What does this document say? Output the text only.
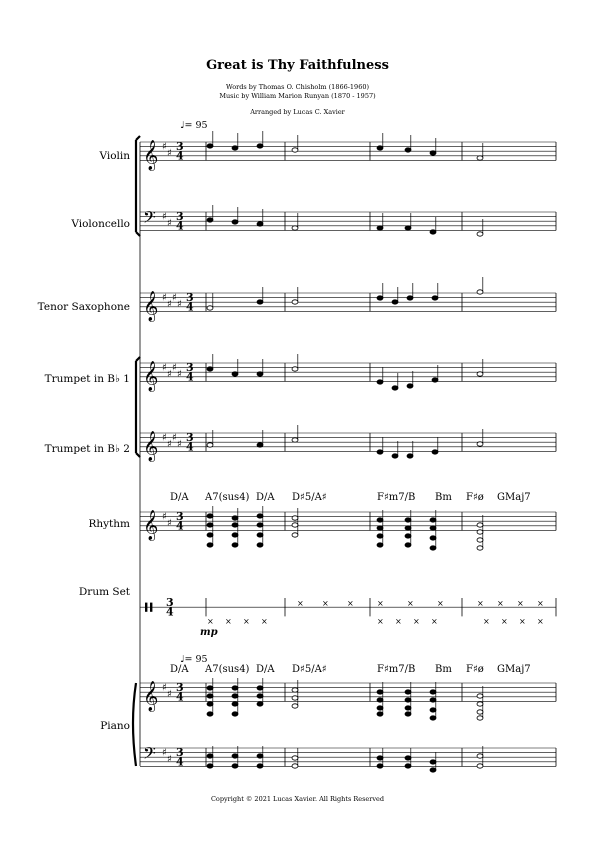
Great is Thy Faithfulness
Words by Thomas O. Chisholm (1866-1960)
Music by William Marion Runyan (1870 - 1957)
Arranged by Lucas C. Xavier
Violin
Violoncello
Tenor Saxophone
Trumpet in B♭ 1
Trumpet in B♭ 2
Rhythm
Drum Set
Piano
♩= 95
♩= 95
D/A A7(sus4) D/A D♯5/A♯	F♯m7/B Bm F♯ø GMaj7
D/A A7(sus4) D/A D♯5/A♯	F♯m7/B Bm F♯ø GMaj7
mp
Copyright © 2021 Lucas Xavier. All Rights Reserved
× × × ×	× × × ×	× × × ×
× × ×	×	×	×	× × × ×
𝄞 ♯
♯
3
4
𝄢 ♯
♯
3
4
𝄞 ♯
♯
♯
♯
3
4
𝄞 ♯
♯
♯
♯
3
4
𝄞 ♯
♯
♯
♯
3
4
𝄞 ♯
♯
3
4
3
4
𝄞 ♯
♯
3
4
𝄢 ♯
♯
3
4
